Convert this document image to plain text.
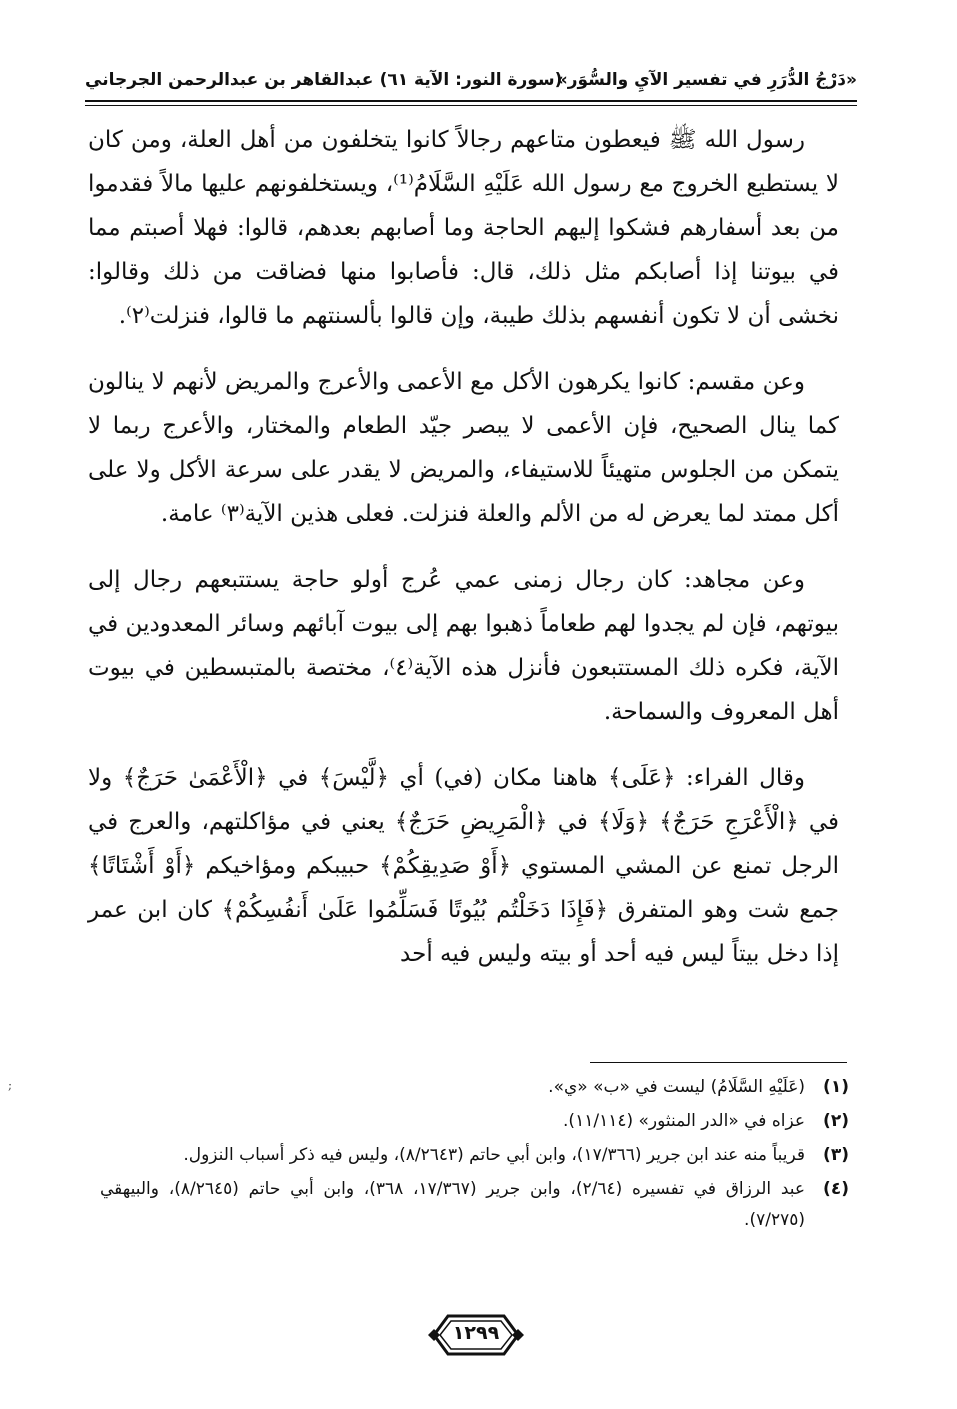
«دَرْجُ الدُّرَرِ في تفسير الآيِ والسُّوَر»
(سورة النور: الآية ٦١)
عبدالقاهر بن عبدالرحمن الجرجاني

رسول الله ﷺ فيعطون متاعهم رجالاً كانوا يتخلفون من أهل العلة، ومن كان لا يستطيع الخروج مع رسول الله عَلَيْهِ السَّلَامُ⁽¹⁾، ويستخلفونهم عليها مالاً فقدموا من بعد أسفارهم فشكوا إليهم الحاجة وما أصابهم بعدهم، قالوا: فهلا أصبتم مما في بيوتنا إذا أصابكم مثل ذلك، قال: فأصابوا منها فضاقت من ذلك وقالوا: نخشى أن لا تكون أنفسهم بذلك طيبة، وإن قالوا بألسنتهم ما قالوا، فنزلت⁽٢⁾.

وعن مقسم: كانوا يكرهون الأكل مع الأعمى والأعرج والمريض لأنهم لا ينالون كما ينال الصحيح، فإن الأعمى لا يبصر جيّد الطعام والمختار، والأعرج ربما لا يتمكن من الجلوس متهيئاً للاستيفاء، والمريض لا يقدر على سرعة الأكل ولا على أكل ممتد لما يعرض له من الألم والعلة فنزلت. فعلى هذين الآية⁽٣⁾ عامة.

وعن مجاهد: كان رجال زمنى عمي عُرج أولو حاجة يستتبعهم رجال إلى بيوتهم، فإن لم يجدوا لهم طعاماً ذهبوا بهم إلى بيوت آبائهم وسائر المعدودين في الآية، فكره ذلك المستتبعون فأنزل هذه الآية⁽٤⁾، مختصة بالمتبسطين في بيوت أهل المعروف والسماحة.

وقال الفراء: ﴿عَلَى﴾ هاهنا مكان (في) أي ﴿لَّيْسَ﴾ في ﴿الْأَعْمَىٰ حَرَجٌ﴾ ولا في ﴿الْأَعْرَجِ حَرَجٌ﴾ ﴿وَلَا﴾ في ﴿الْمَرِيضِ حَرَجٌ﴾ يعني في مؤاكلتهم، والعرج في الرجل تمنع عن المشي المستوي ﴿أَوْ صَدِيقِكُمْ﴾ حبيبكم ومؤاخيكم ﴿أَوْ أَشْتَاتًا﴾ جمع شت وهو المتفرق ﴿فَإِذَا دَخَلْتُم بُيُوتًا فَسَلِّمُوا عَلَىٰ أَنفُسِكُمْ﴾ كان ابن عمر إذا دخل بيتاً ليس فيه أحد أو بيته وليس فيه أحد

(١)
(عَلَيْهِ السَّلَامُ) ليست في «ب» «ي».
(٢)
عزاه في «الدر المنثور» (١١/١١٤).
(٣)
قريباً منه عند ابن جرير (١٧/٣٦٦)، وابن أبي حاتم (٨/٢٦٤٣)، وليس فيه ذكر أسباب النزول.
(٤)
عبد الرزاق في تفسيره (٢/٦٤)، وابن جرير (١٧/٣٦٧، ٣٦٨)، وابن أبي حاتم (٨/٢٦٤٥)، والبيهقي (٧/٢٧٥).
١٢٩٩
;
